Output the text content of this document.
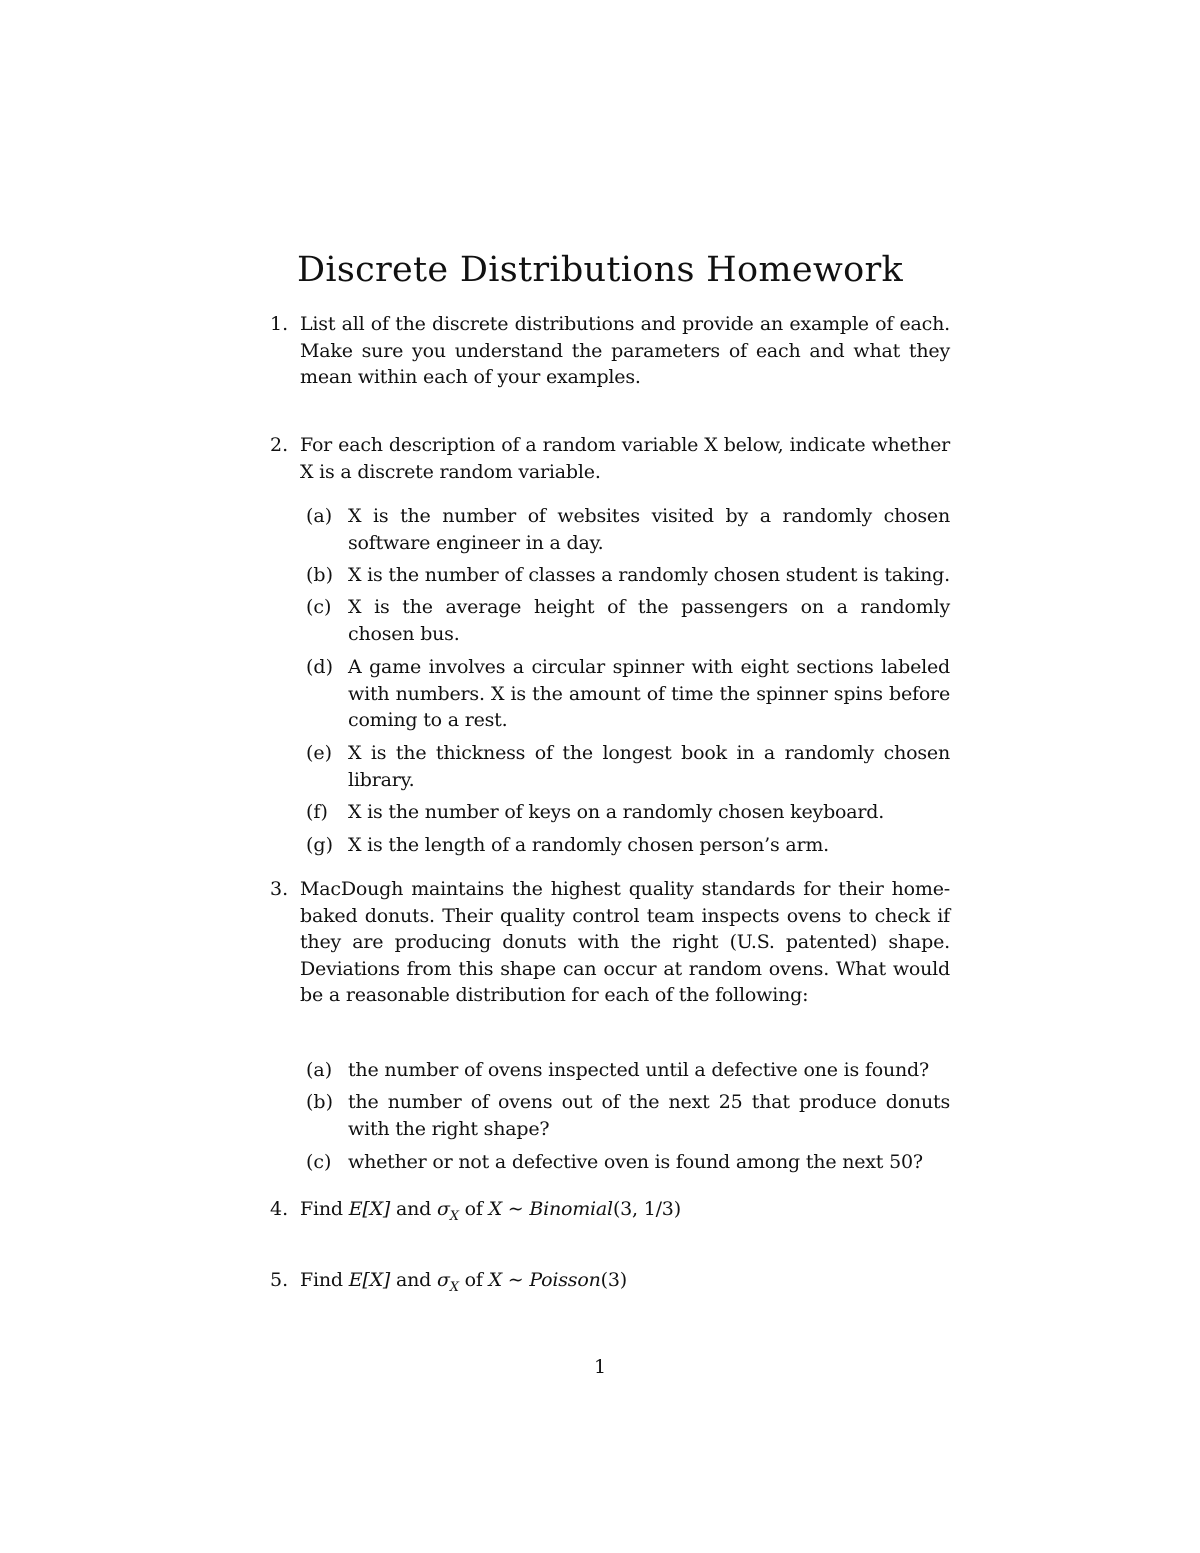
Discrete Distributions Homework
1. List all of the discrete distributions and provide an example of each. Make sure you understand the parameters of each and what they mean within each of your examples.
2. For each description of a random variable X below, indicate whether X is a discrete random variable.
(a) X is the number of websites visited by a randomly chosen software engineer in a day.
(b) X is the number of classes a randomly chosen student is taking.
(c) X is the average height of the passengers on a randomly chosen bus.
(d) A game involves a circular spinner with eight sections labeled with numbers. X is the amount of time the spinner spins before coming to a rest.
(e) X is the thickness of the longest book in a randomly chosen library.
(f)	X is the number of keys on a randomly chosen keyboard.
(g) X is the length of a randomly chosen person’s arm.
3. MacDough maintains the highest quality standards for their home-baked donuts. Their quality control team inspects ovens to check if they are producing donuts with the right (U.S. patented) shape. Deviations from this shape can occur at random ovens. What would be a reasonable distribution for each of the following:
(a) the number of ovens inspected until a defective one is found?
(b) the number of ovens out of the next 25 that produce donuts with the right shape?
(c) whether or not a defective oven is found among the next 50?
4. Find E[X] and $\sigma_X$ of X ∼ Binomial(3, 1/3)
5. Find E[X] and $\sigma_X$ of X ∼ Poisson(3)
1
